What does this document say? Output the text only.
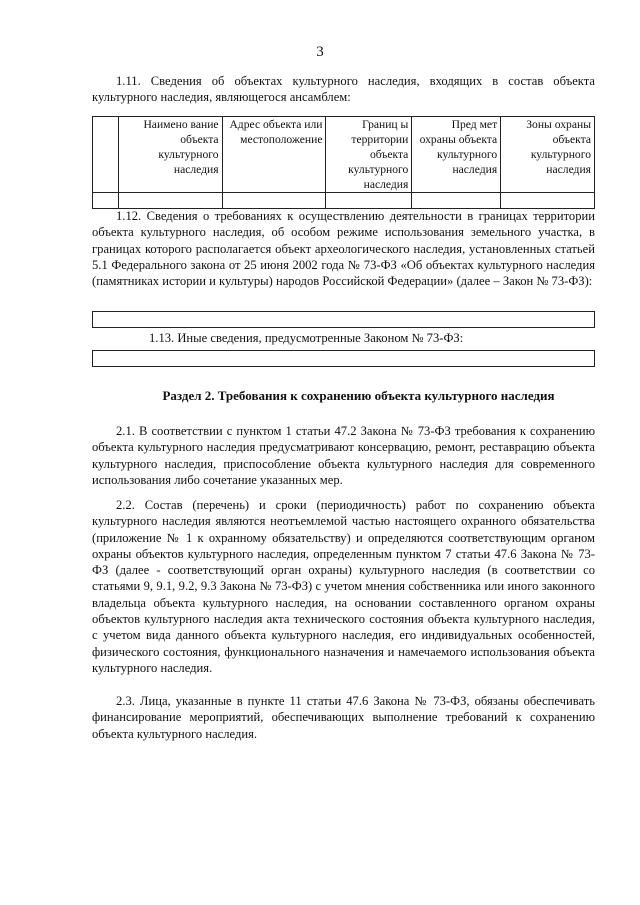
3

1.11. Сведения об объектах культурного наследия, входящих в состав объекта культурного наследия, являющегося ансамблем:

	Наимено вание объекта культурного наследия	Адрес объекта или местоположение	Границ ы территории объекта культурного наследия	Пред мет охраны объекта культурного наследия	Зоны охраны объекта культурного наследия

1.12. Сведения о требованиях к осуществлению деятельности в границах территории объекта культурного наследия, об особом режиме использования земельного участка, в границах которого располагается объект археологического наследия, установленных статьей 5.1 Федерального закона от 25 июня 2002 года № 73-ФЗ «Об объектах культурного наследия (памятниках истории и культуры) народов Российской Федерации» (далее – Закон № 73-ФЗ):

1.13. Иные сведения, предусмотренные Законом № 73-ФЗ:

Раздел 2. Требования к сохранению объекта культурного наследия

2.1. В соответствии с пунктом 1 статьи 47.2 Закона № 73-ФЗ требования к сохранению объекта культурного наследия предусматривают консервацию, ремонт, реставрацию объекта культурного наследия, приспособление объекта культурного наследия для современного использования либо сочетание указанных мер.

2.2. Состав (перечень) и сроки (периодичность) работ по сохранению объекта культурного наследия являются неотъемлемой частью настоящего охранного обязательства (приложение № 1 к охранному обязательству) и определяются соответствующим органом охраны объектов культурного наследия, определенным пунктом 7 статьи 47.6 Закона № 73-ФЗ (далее - соответствующий орган охраны) культурного наследия (в соответствии со статьями 9, 9.1, 9.2, 9.3 Закона № 73-ФЗ) с учетом мнения собственника или иного законного владельца объекта культурного наследия, на основании составленного органом охраны объектов культурного наследия акта технического состояния объекта культурного наследия, с учетом вида данного объекта культурного наследия, его индивидуальных особенностей, физического состояния, функционального назначения и намечаемого использования объекта культурного наследия.

2.3. Лица, указанные в пункте 11 статьи 47.6 Закона № 73-ФЗ, обязаны обеспечивать финансирование мероприятий, обеспечивающих выполнение требований к сохранению объекта культурного наследия.
